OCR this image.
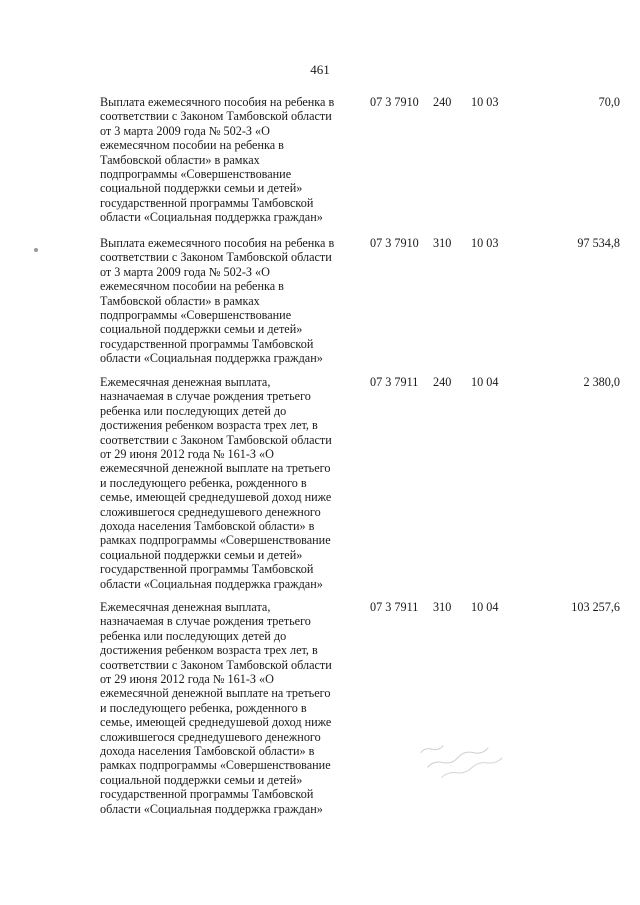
461
Выплата ежемесячного пособия на ребенка в
соответствии с Законом Тамбовской области
от 3 марта 2009 года № 502-З «О
ежемесячном пособии на ребенка в
Тамбовской области» в рамках
подпрограммы «Совершенствование
социальной поддержки семьи и детей»
государственной программы Тамбовской
области «Социальная поддержка граждан»
07 3 7910 240 10 03	70,0
Выплата ежемесячного пособия на ребенка в
соответствии с Законом Тамбовской области
от 3 марта 2009 года № 502-З «О
ежемесячном пособии на ребенка в
Тамбовской области» в рамках
подпрограммы «Совершенствование
социальной поддержки семьи и детей»
государственной программы Тамбовской
области «Социальная поддержка граждан»
07 3 7910 310 10 03	97 534,8
Ежемесячная денежная выплата,
назначаемая в случае рождения третьего
ребенка или последующих детей до
достижения ребенком возраста трех лет, в
соответствии с Законом Тамбовской области
от 29 июня 2012 года № 161-З «О
ежемесячной денежной выплате на третьего
и последующего ребенка, рожденного в
семье, имеющей среднедушевой доход ниже
сложившегося среднедушевого денежного
дохода населения Тамбовской области» в
рамках подпрограммы «Совершенствование
социальной поддержки семьи и детей»
государственной программы Тамбовской
области «Социальная поддержка граждан»
07 3 7911 240 10 04	2 380,0
Ежемесячная денежная выплата,
назначаемая в случае рождения третьего
ребенка или последующих детей до
достижения ребенком возраста трех лет, в
соответствии с Законом Тамбовской области
от 29 июня 2012 года № 161-З «О
ежемесячной денежной выплате на третьего
и последующего ребенка, рожденного в
семье, имеющей среднедушевой доход ниже
сложившегося среднедушевого денежного
дохода населения Тамбовской области» в
рамках подпрограммы «Совершенствование
социальной поддержки семьи и детей»
государственной программы Тамбовской
области «Социальная поддержка граждан»
07 3 7911 310 10 04	103 257,6
